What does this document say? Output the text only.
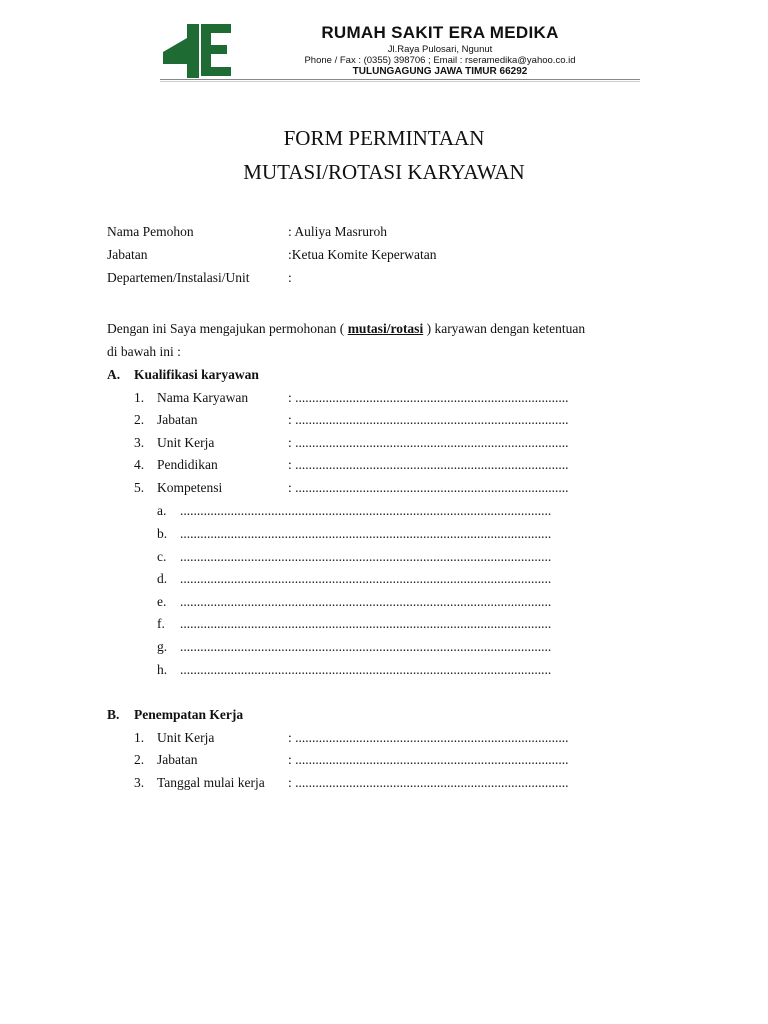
RUMAH SAKIT ERA MEDIKA
Jl.Raya Pulosari, Ngunut
Phone / Fax : (0355) 398706 ; Email : rseramedika@yahoo.co.id
TULUNGAGUNG JAWA TIMUR 66292
FORM PERMINTAAN
MUTASI/ROTASI KARYAWAN
Nama Pemohon	: Auliya Masruroh
Jabatan	:Ketua Komite Keperwatan
Departemen/Instalasi/Unit	:
Dengan ini Saya mengajukan permohonan ( mutasi/rotasi ) karyawan dengan ketentuan
di bawah ini :
A. Kualifikasi karyawan
1. Nama Karyawan	: .................................................................................
2. Jabatan	: .................................................................................
3. Unit Kerja	: .................................................................................
4. Pendidikan	: .................................................................................
5. Kompetensi	: .................................................................................
a. ..............................................................................................................
b. ..............................................................................................................
c. ..............................................................................................................
d. ..............................................................................................................
e. ..............................................................................................................
f. ..............................................................................................................
g. ..............................................................................................................
h. ..............................................................................................................
B. Penempatan Kerja
1. Unit Kerja	: .................................................................................
2. Jabatan	: .................................................................................
3. Tanggal mulai kerja : .................................................................................
